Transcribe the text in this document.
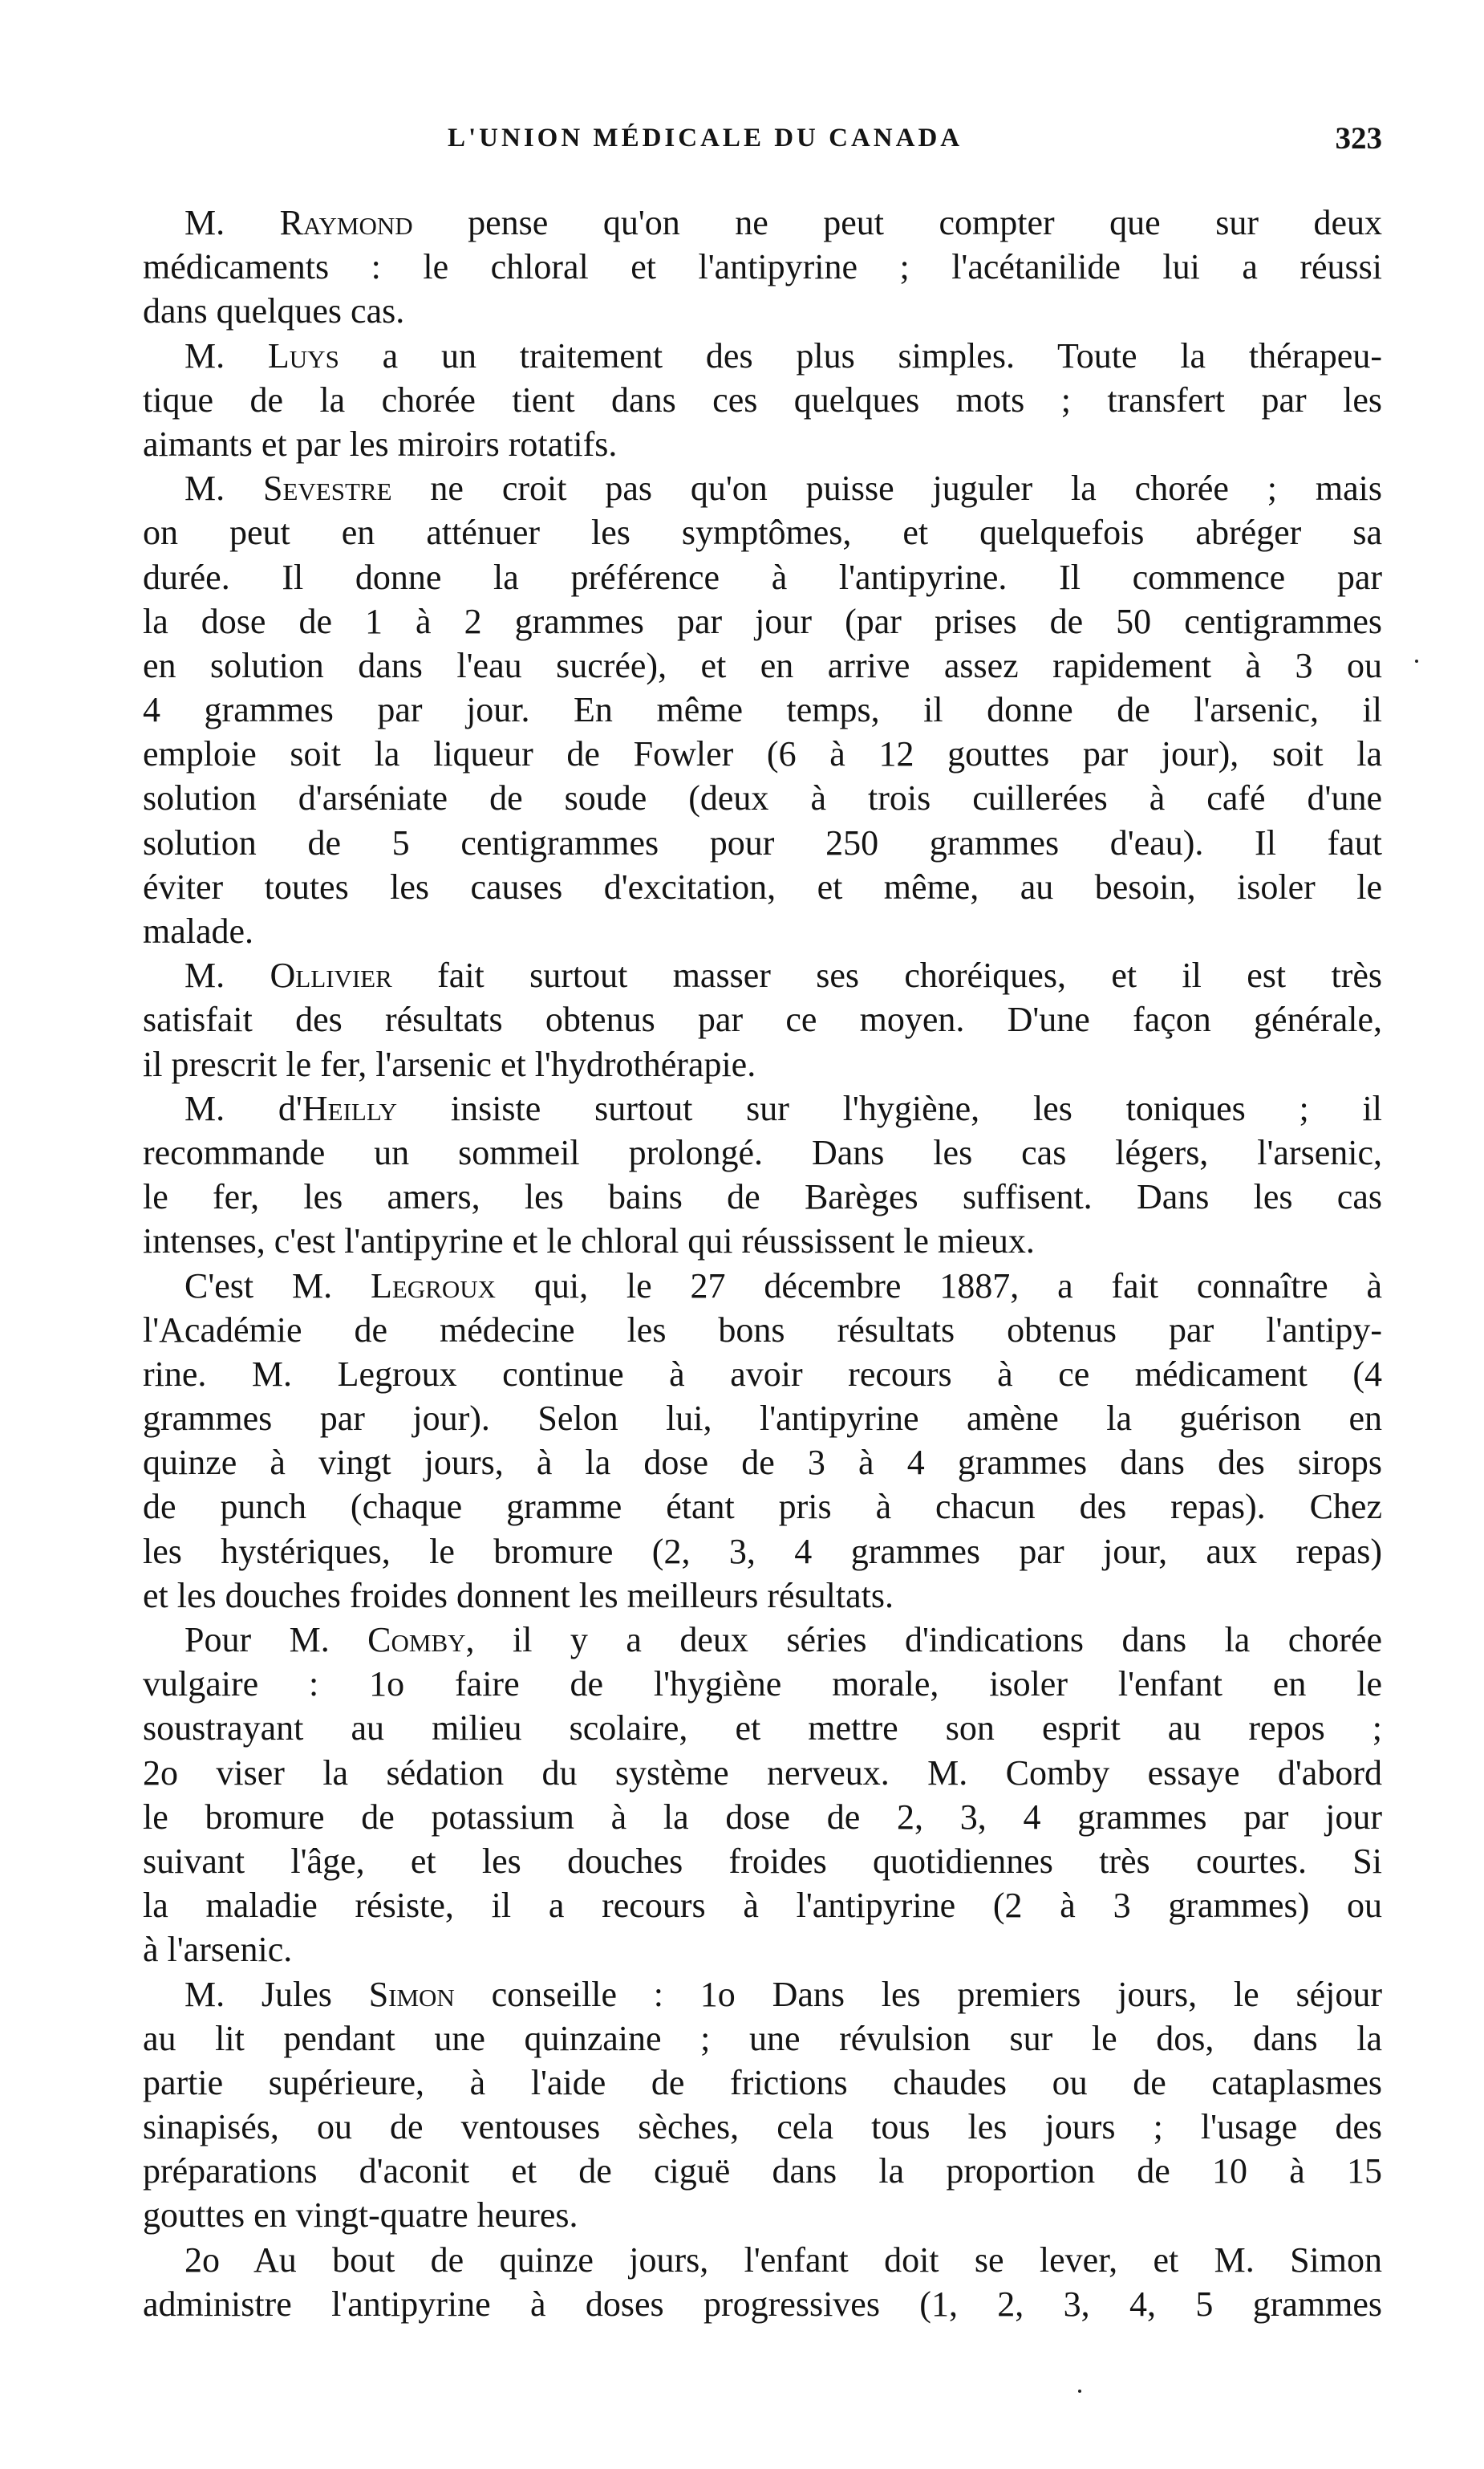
L'UNION MÉDICALE DU CANADA	323
M. Raymond pense qu'on ne peut compter que sur deux
médicaments : le chloral et l'antipyrine ; l'acétanilide lui a réussi
dans quelques cas.
M. Luys a un traitement des plus simples. Toute la thérapeu-
tique de la chorée tient dans ces quelques mots ; transfert par les
aimants et par les miroirs rotatifs.
M. Sevestre ne croit pas qu'on puisse juguler la chorée ; mais
on peut en atténuer les symptômes, et quelquefois abréger sa
durée. Il donne la préférence à l'antipyrine. Il commence par
la dose de 1 à 2 grammes par jour (par prises de 50 centigrammes
en solution dans l'eau sucrée), et en arrive assez rapidement à 3 ou
4 grammes par jour. En même temps, il donne de l'arsenic, il
emploie soit la liqueur de Fowler (6 à 12 gouttes par jour), soit la
solution d'arséniate de soude (deux à trois cuillerées à café d'une
solution de 5 centigrammes pour 250 grammes d'eau). Il faut
éviter toutes les causes d'excitation, et même, au besoin, isoler le
malade.
M. Ollivier fait surtout masser ses choréiques, et il est très
satisfait des résultats obtenus par ce moyen. D'une façon générale,
il prescrit le fer, l'arsenic et l'hydrothérapie.
M. d'Heilly insiste surtout sur l'hygiène, les toniques ; il
recommande un sommeil prolongé. Dans les cas légers, l'arsenic,
le fer, les amers, les bains de Barèges suffisent. Dans les cas
intenses, c'est l'antipyrine et le chloral qui réussissent le mieux.
C'est M. Legroux qui, le 27 décembre 1887, a fait connaître à
l'Académie de médecine les bons résultats obtenus par l'antipy-
rine. M. Legroux continue à avoir recours à ce médicament (4
grammes par jour). Selon lui, l'antipyrine amène la guérison en
quinze à vingt jours, à la dose de 3 à 4 grammes dans des sirops
de punch (chaque gramme étant pris à chacun des repas). Chez
les hystériques, le bromure (2, 3, 4 grammes par jour, aux repas)
et les douches froides donnent les meilleurs résultats.
Pour M. Comby, il y a deux séries d'indications dans la chorée
vulgaire : 1o faire de l'hygiène morale, isoler l'enfant en le
soustrayant au milieu scolaire, et mettre son esprit au repos ;
2o viser la sédation du système nerveux. M. Comby essaye d'abord
le bromure de potassium à la dose de 2, 3, 4 grammes par jour
suivant l'âge, et les douches froides quotidiennes très courtes. Si
la maladie résiste, il a recours à l'antipyrine (2 à 3 grammes) ou
à l'arsenic.
M. Jules Simon conseille : 1o Dans les premiers jours, le séjour
au lit pendant une quinzaine ; une révulsion sur le dos, dans la
partie supérieure, à l'aide de frictions chaudes ou de cataplasmes
sinapisés, ou de ventouses sèches, cela tous les jours ; l'usage des
préparations d'aconit et de ciguë dans la proportion de 10 à 15
gouttes en vingt-quatre heures.
2o Au bout de quinze jours, l'enfant doit se lever, et M. Simon
administre l'antipyrine à doses progressives (1, 2, 3, 4, 5 grammes
